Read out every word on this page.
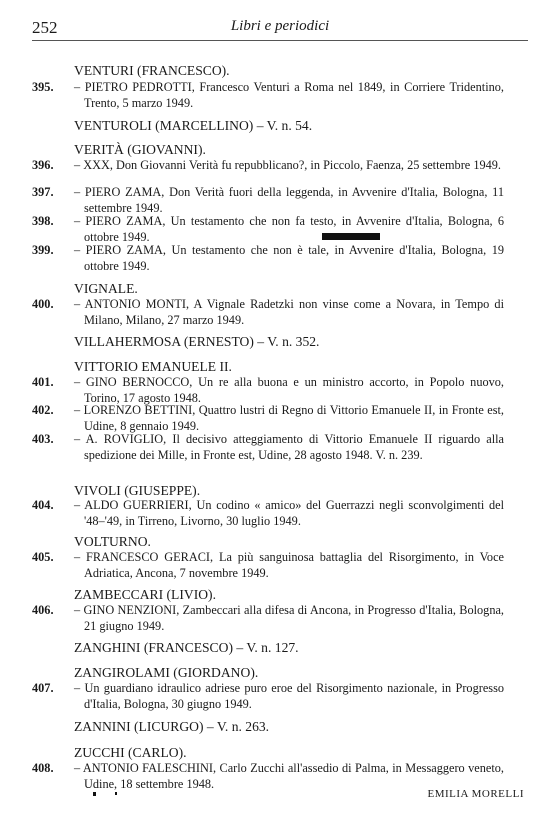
252	Libri e periodici
VENTURI (FRANCESCO).
395. – PIETRO PEDROTTI, Francesco Venturi a Roma nel 1849, in Corriere Tridentino, Trento, 5 marzo 1949.
VENTUROLI (MARCELLINO) – V. n. 54.
VERITÀ (GIOVANNI).
396. – XXX, Don Giovanni Verità fu repubblicano?, in Piccolo, Faenza, 25 settembre 1949.
397. – PIERO ZAMA, Don Verità fuori della leggenda, in Avvenire d'Italia, Bologna, 11 settembre 1949.
398. – PIERO ZAMA, Un testamento che non fa testo, in Avvenire d'Italia, Bologna, 6 ottobre 1949.
399. – PIERO ZAMA, Un testamento che non è tale, in Avvenire d'Italia, Bologna, 19 ottobre 1949.
VIGNALE.
400. – ANTONIO MONTI, A Vignale Radetzki non vinse come a Novara, in Tempo di Milano, Milano, 27 marzo 1949.
VILLAHERMOSA (ERNESTO) – V. n. 352.
VITTORIO EMANUELE II.
401. – GINO BERNOCCO, Un re alla buona e un ministro accorto, in Popolo nuovo, Torino, 17 agosto 1948.
402. – LORENZO BETTINI, Quattro lustri di Regno di Vittorio Emanuele II, in Fronte est, Udine, 8 gennaio 1949.
403. – A. ROVIGLIO, Il decisivo atteggiamento di Vittorio Emanuele II riguardo alla spedizione dei Mille, in Fronte est, Udine, 28 agosto 1948. V. n. 239.
VIVOLI (GIUSEPPE).
404. – ALDO GUERRIERI, Un codino « amico» del Guerrazzi negli sconvolgimenti del '48–'49, in Tirreno, Livorno, 30 luglio 1949.
VOLTURNO.
405. – FRANCESCO GERACI, La più sanguinosa battaglia del Risorgimento, in Voce Adriatica, Ancona, 7 novembre 1949.
ZAMBECCARI (LIVIO).
406. – GINO NENZIONI, Zambeccari alla difesa di Ancona, in Progresso d'Italia, Bologna, 21 giugno 1949.
ZANGHINI (FRANCESCO) – V. n. 127.
ZANGIROLAMI (GIORDANO).
407. – Un guardiano idraulico adriese puro eroe del Risorgimento nazionale, in Progresso d'Italia, Bologna, 30 giugno 1949.
ZANNINI (LICURGO) – V. n. 263.
ZUCCHI (CARLO).
408. – ANTONIO FALESCHINI, Carlo Zucchi all'assedio di Palma, in Messaggero veneto, Udine, 18 settembre 1948.
EMILIA MORELLI
